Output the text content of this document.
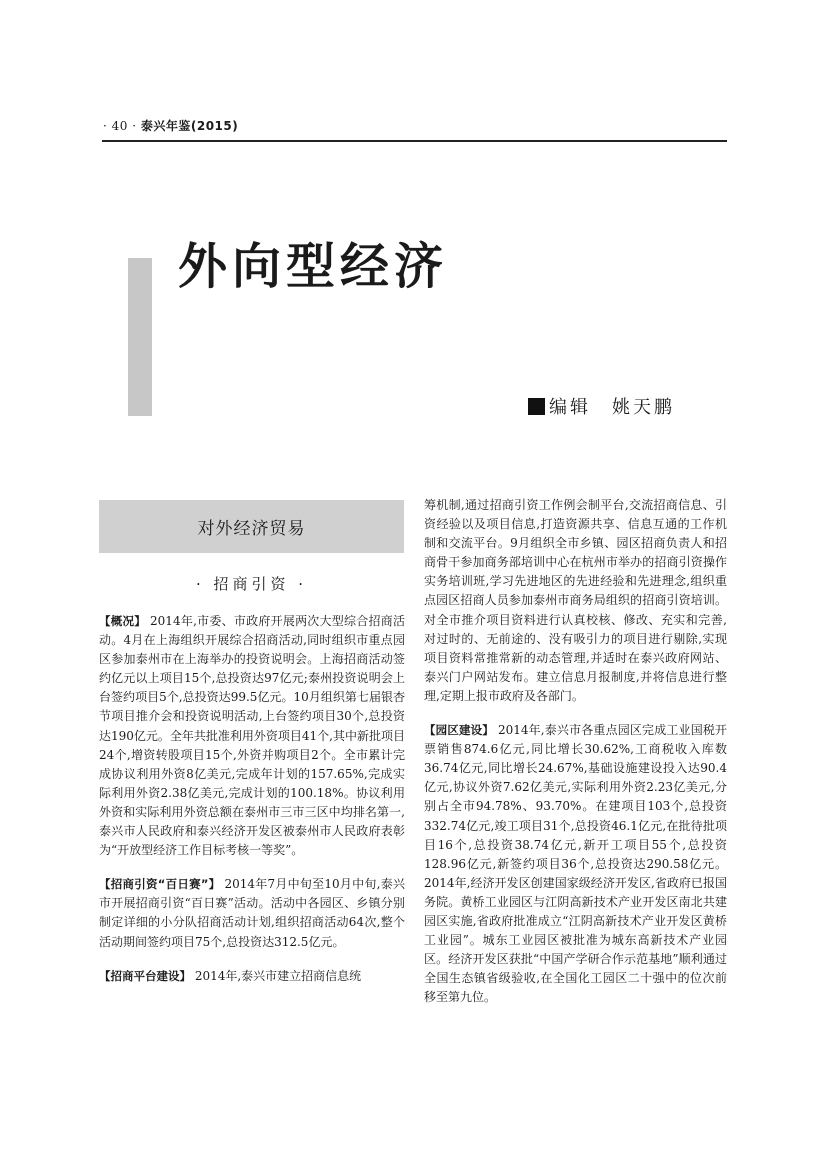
· 40 · 泰兴年鉴(2015)
外向型经济
编辑　姚天鹏
对外经济贸易
· 招商引资 ·

【概况】 2014年,市委、市政府开展两次大型综合招商活动。4月在上海组织开展综合招商活动,同时组织市重点园区参加泰州市在上海举办的投资说明会。上海招商活动签约亿元以上项目15个,总投资达97亿元;泰州投资说明会上台签约项目5个,总投资达99.5亿元。10月组织第七届银杏节项目推介会和投资说明活动,上台签约项目30个,总投资达190亿元。全年共批准利用外资项目41个,其中新批项目24个,增资转股项目15个,外资并购项目2个。全市累计完成协议利用外资8亿美元,完成年计划的157.65%,完成实际利用外资2.38亿美元,完成计划的100.18%。协议利用外资和实际利用外资总额在泰州市三市三区中均排名第一,泰兴市人民政府和泰兴经济开发区被泰州市人民政府表彰为“开放型经济工作目标考核一等奖”。

【招商引资“百日赛”】 2014年7月中旬至10月中旬,泰兴市开展招商引资“百日赛”活动。活动中各园区、乡镇分别制定详细的小分队招商活动计划,组织招商活动64次,整个活动期间签约项目75个,总投资达312.5亿元。

【招商平台建设】 2014年,泰兴市建立招商信息统

筹机制,通过招商引资工作例会制平台,交流招商信息、引资经验以及项目信息,打造资源共享、信息互通的工作机制和交流平台。9月组织全市乡镇、园区招商负责人和招商骨干参加商务部培训中心在杭州市举办的招商引资操作实务培训班,学习先进地区的先进经验和先进理念,组织重点园区招商人员参加泰州市商务局组织的招商引资培训。对全市推介项目资料进行认真校核、修改、充实和完善,对过时的、无前途的、没有吸引力的项目进行剔除,实现项目资料常推常新的动态管理,并适时在泰兴政府网站、泰兴门户网站发布。建立信息月报制度,并将信息进行整理,定期上报市政府及各部门。

【园区建设】 2014年,泰兴市各重点园区完成工业国税开票销售874.6亿元,同比增长30.62%,工商税收入库数36.74亿元,同比增长24.67%,基础设施建设投入达90.4亿元,协议外资7.62亿美元,实际利用外资2.23亿美元,分别占全市94.78%、93.70%。在建项目103个,总投资332.74亿元,竣工项目31个,总投资46.1亿元,在批待批项目16个,总投资38.74亿元,新开工项目55个,总投资128.96亿元,新签约项目36个,总投资达290.58亿元。2014年,经济开发区创建国家级经济开发区,省政府已报国务院。黄桥工业园区与江阴高新技术产业开发区南北共建园区实施,省政府批准成立“江阴高新技术产业开发区黄桥工业园”。城东工业园区被批准为城东高新技术产业园区。经济开发区获批“中国产学研合作示范基地”顺利通过全国生态镇省级验收,在全国化工园区二十强中的位次前移至第九位。
